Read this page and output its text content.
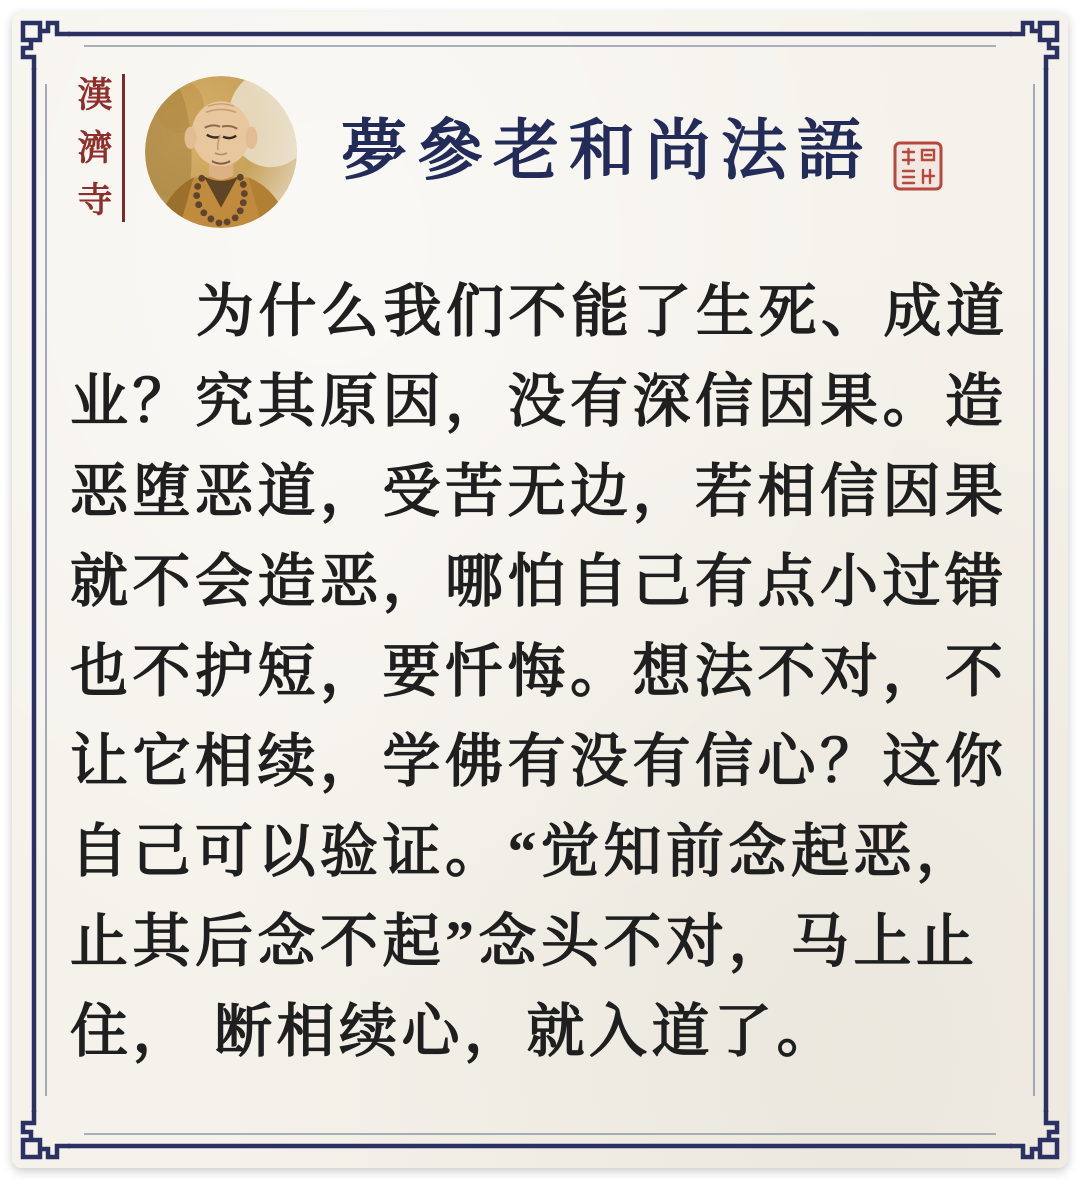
漢
濟
寺
夢參老和尚法語
为什么我们不能了生死、成道
业？究其原因，没有深信因果。造
恶堕恶道，受苦无边，若相信因果
就不会造恶，哪怕自己有点小过错
也不护短，要忏悔。想法不对，不
让它相续，学佛有没有信心？这你
自己可以验证。“觉知前念起恶，
止其后念不起”念头不对，马上止
住， 断相续心，就入道了。
